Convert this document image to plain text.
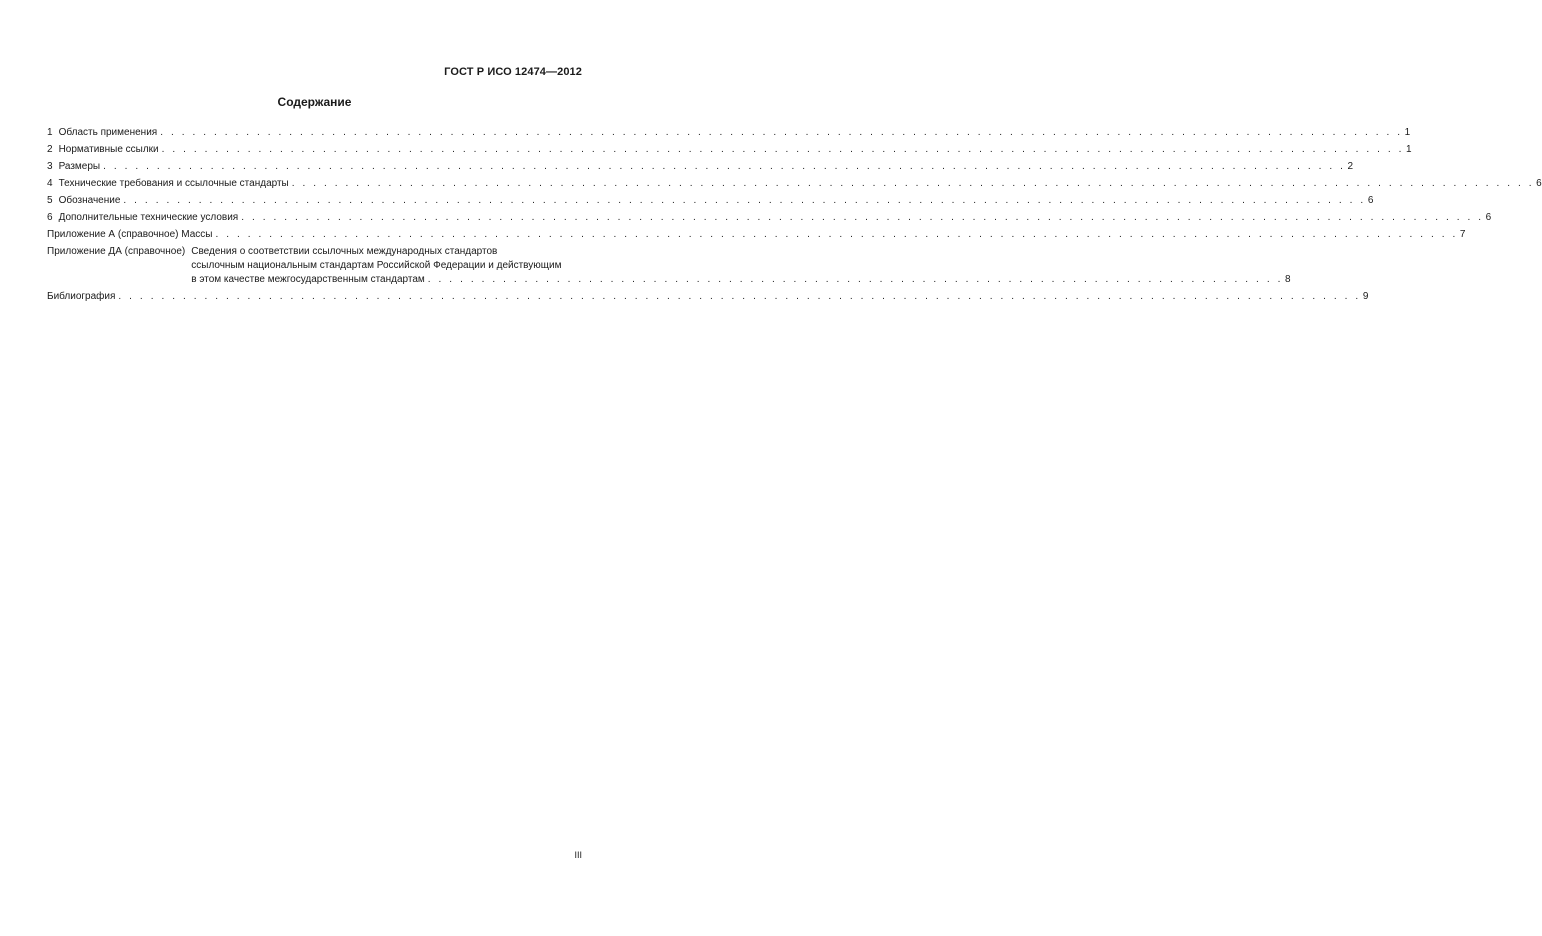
ГОСТ Р ИСО 12474—2012
Содержание
1 Область применения . . .	1
2 Нормативные ссылки . . .	1
3 Размеры . . .	2
4 Технические требования и ссылочные стандарты . . .	6
5 Обозначение . . .	6
6 Дополнительные технические условия . . .	6
Приложение А (справочное) Массы . . .	7
Приложение ДА (справочное) Сведения о соответствии ссылочных международных стандартов
ссылочным национальным стандартам Российской Федерации и действующим
в этом качестве межгосударственным стандартам . . .	8
Библиография . . .	9
III
